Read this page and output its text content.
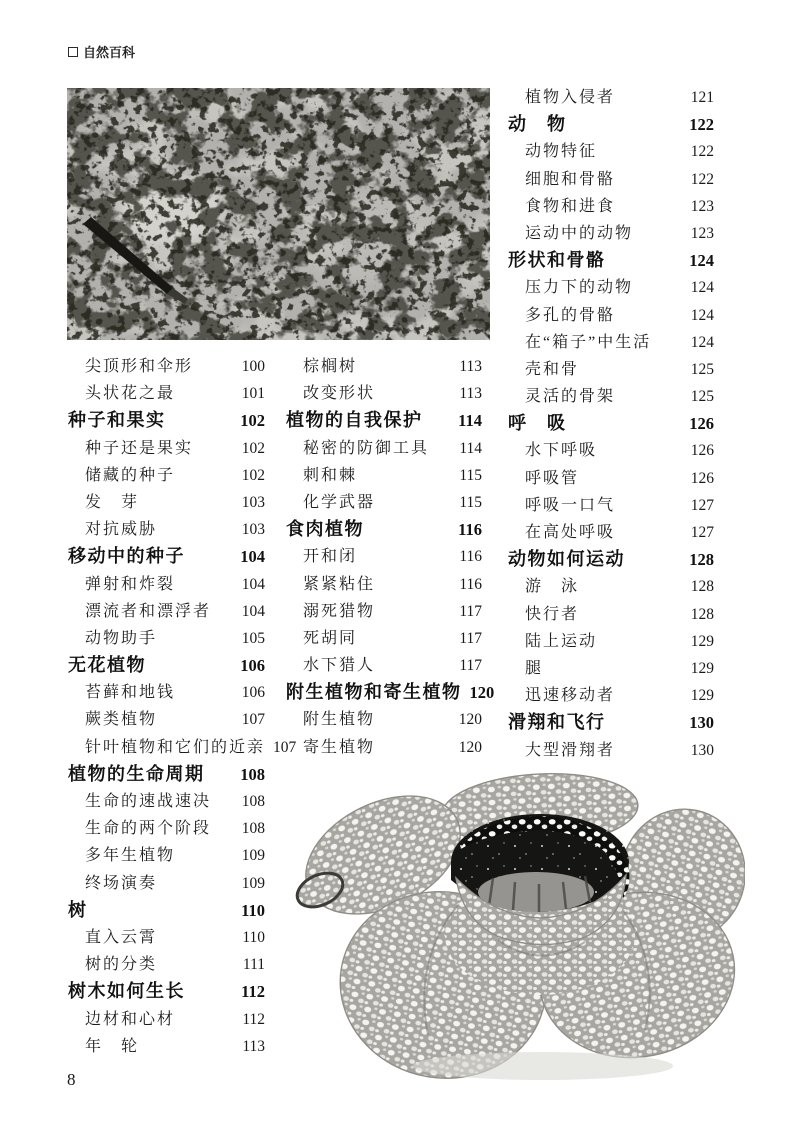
自然百科
尖顶形和伞形	100
头状花之最	101
种子和果实	102
种子还是果实	102
储藏的种子	102
发　芽	103
对抗威胁	103
移动中的种子	104
弹射和炸裂	104
漂流者和漂浮者	104
动物助手	105
无花植物	106
苔藓和地钱	106
蕨类植物	107
针叶植物和它们的近亲 107
植物的生命周期	108
生命的速战速决	108
生命的两个阶段	108
多年生植物	109
终场演奏	109
树	110
直入云霄	110
树的分类	111
树木如何生长	112
边材和心材	112
年　轮	113
棕榈树	113
改变形状	113
植物的自我保护	114
秘密的防御工具	114
刺和棘	115
化学武器	115
食肉植物	116
开和闭	116
紧紧粘住	116
溺死猎物	117
死胡同	117
水下猎人	117
附生植物和寄生植物 120
附生植物	120
寄生植物	120
植物入侵者	121
动　物	122
动物特征	122
细胞和骨骼	122
食物和进食	123
运动中的动物	123
形状和骨骼	124
压力下的动物	124
多孔的骨骼	124
在“箱子”中生活	124
壳和骨	125
灵活的骨架	125
呼　吸	126
水下呼吸	126
呼吸管	126
呼吸一口气	127
在高处呼吸	127
动物如何运动	128
游　泳	128
快行者	128
陆上运动	129
腿	129
迅速移动者	129
滑翔和飞行	130
大型滑翔者	130
8
